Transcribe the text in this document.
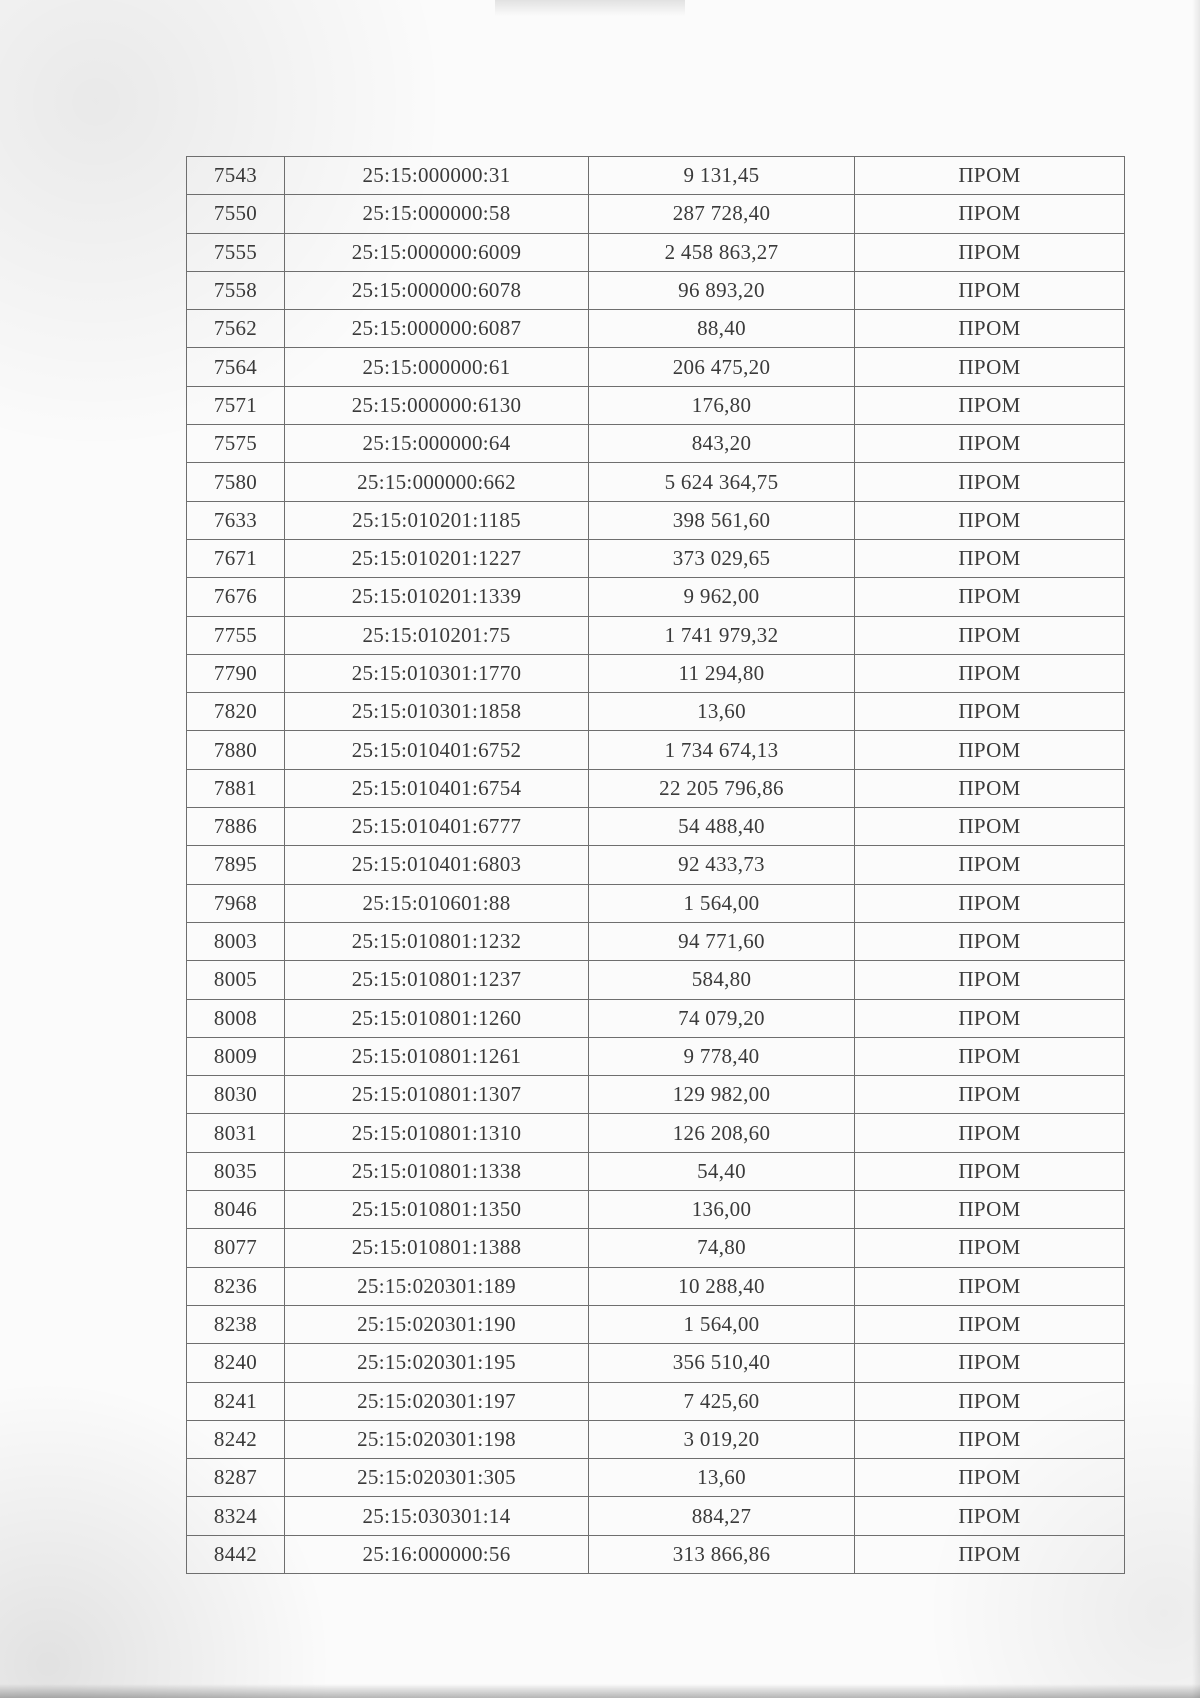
7543	25:15:000000:31	9 131,45	ПРОМ
7550	25:15:000000:58	287 728,40	ПРОМ
7555	25:15:000000:6009	2 458 863,27	ПРОМ
7558	25:15:000000:6078	96 893,20	ПРОМ
7562	25:15:000000:6087	88,40	ПРОМ
7564	25:15:000000:61	206 475,20	ПРОМ
7571	25:15:000000:6130	176,80	ПРОМ
7575	25:15:000000:64	843,20	ПРОМ
7580	25:15:000000:662	5 624 364,75	ПРОМ
7633	25:15:010201:1185	398 561,60	ПРОМ
7671	25:15:010201:1227	373 029,65	ПРОМ
7676	25:15:010201:1339	9 962,00	ПРОМ
7755	25:15:010201:75	1 741 979,32	ПРОМ
7790	25:15:010301:1770	11 294,80	ПРОМ
7820	25:15:010301:1858	13,60	ПРОМ
7880	25:15:010401:6752	1 734 674,13	ПРОМ
7881	25:15:010401:6754	22 205 796,86	ПРОМ
7886	25:15:010401:6777	54 488,40	ПРОМ
7895	25:15:010401:6803	92 433,73	ПРОМ
7968	25:15:010601:88	1 564,00	ПРОМ
8003	25:15:010801:1232	94 771,60	ПРОМ
8005	25:15:010801:1237	584,80	ПРОМ
8008	25:15:010801:1260	74 079,20	ПРОМ
8009	25:15:010801:1261	9 778,40	ПРОМ
8030	25:15:010801:1307	129 982,00	ПРОМ
8031	25:15:010801:1310	126 208,60	ПРОМ
8035	25:15:010801:1338	54,40	ПРОМ
8046	25:15:010801:1350	136,00	ПРОМ
8077	25:15:010801:1388	74,80	ПРОМ
8236	25:15:020301:189	10 288,40	ПРОМ
8238	25:15:020301:190	1 564,00	ПРОМ
8240	25:15:020301:195	356 510,40	ПРОМ
8241	25:15:020301:197	7 425,60	ПРОМ
8242	25:15:020301:198	3 019,20	ПРОМ
8287	25:15:020301:305	13,60	ПРОМ
8324	25:15:030301:14	884,27	ПРОМ
8442	25:16:000000:56	313 866,86	ПРОМ
